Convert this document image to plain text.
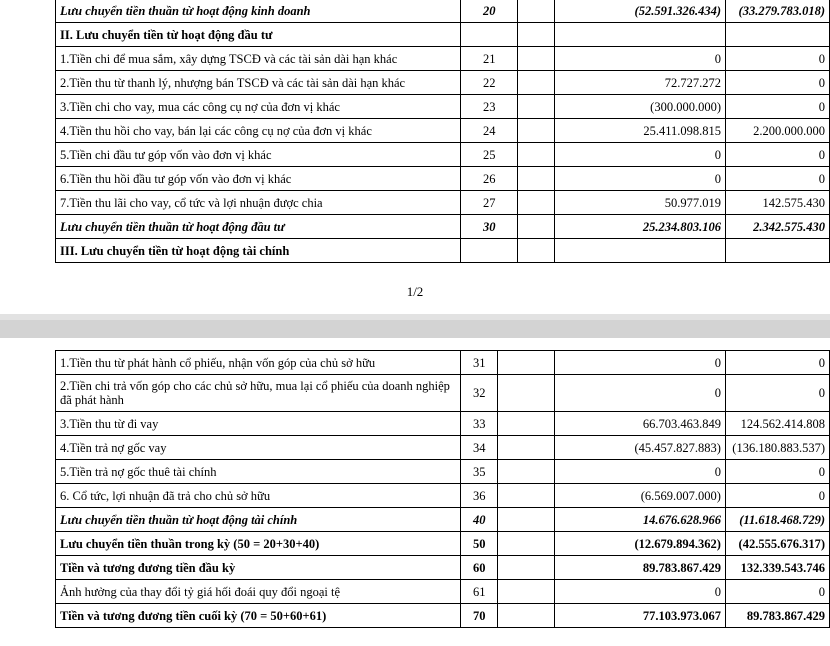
Lưu chuyển tiền thuần từ hoạt động kinh doanh	20		(52.591.326.434)	(33.279.783.018)
II. Lưu chuyển tiền từ hoạt động đầu tư				
1.Tiền chi để mua sắm, xây dựng TSCĐ và các tài sản dài hạn khác	21		0	0
2.Tiền thu từ thanh lý, nhượng bán TSCĐ và các tài sản dài hạn khác	22		72.727.272	0
3.Tiền chi cho vay, mua các công cụ nợ của đơn vị khác	23		(300.000.000)	0
4.Tiền thu hồi cho vay, bán lại các công cụ nợ của đơn vị khác	24		25.411.098.815	2.200.000.000
5.Tiền chi đầu tư góp vốn vào đơn vị khác	25		0	0
6.Tiền thu hồi đầu tư góp vốn vào đơn vị khác	26		0	0
7.Tiền thu lãi cho vay, cổ tức và lợi nhuận được chia	27		50.977.019	142.575.430
Lưu chuyển tiền thuần từ hoạt động đầu tư	30		25.234.803.106	2.342.575.430
III. Lưu chuyển tiền từ hoạt động tài chính				
1/2
1.Tiền thu từ phát hành cổ phiếu, nhận vốn góp của chủ sở hữu	31		0	0
2.Tiền chi trả vốn góp cho các chủ sở hữu, mua lại cổ phiếu của doanh nghiệp đã phát hành	32		0	0
3.Tiền thu từ đi vay	33		66.703.463.849	124.562.414.808
4.Tiền trả nợ gốc vay	34		(45.457.827.883)	(136.180.883.537)
5.Tiền trả nợ gốc thuê tài chính	35		0	0
6. Cổ tức, lợi nhuận đã trả cho chủ sở hữu	36		(6.569.007.000)	0
Lưu chuyển tiền thuần từ hoạt động tài chính	40		14.676.628.966	(11.618.468.729)
Lưu chuyển tiền thuần trong kỳ (50 = 20+30+40)	50		(12.679.894.362)	(42.555.676.317)
Tiền và tương đương tiền đầu kỳ	60		89.783.867.429	132.339.543.746
Ảnh hưởng của thay đổi tỷ giá hối đoái quy đổi ngoại tệ	61		0	0
Tiền và tương đương tiền cuối kỳ (70 = 50+60+61)	70		77.103.973.067	89.783.867.429
